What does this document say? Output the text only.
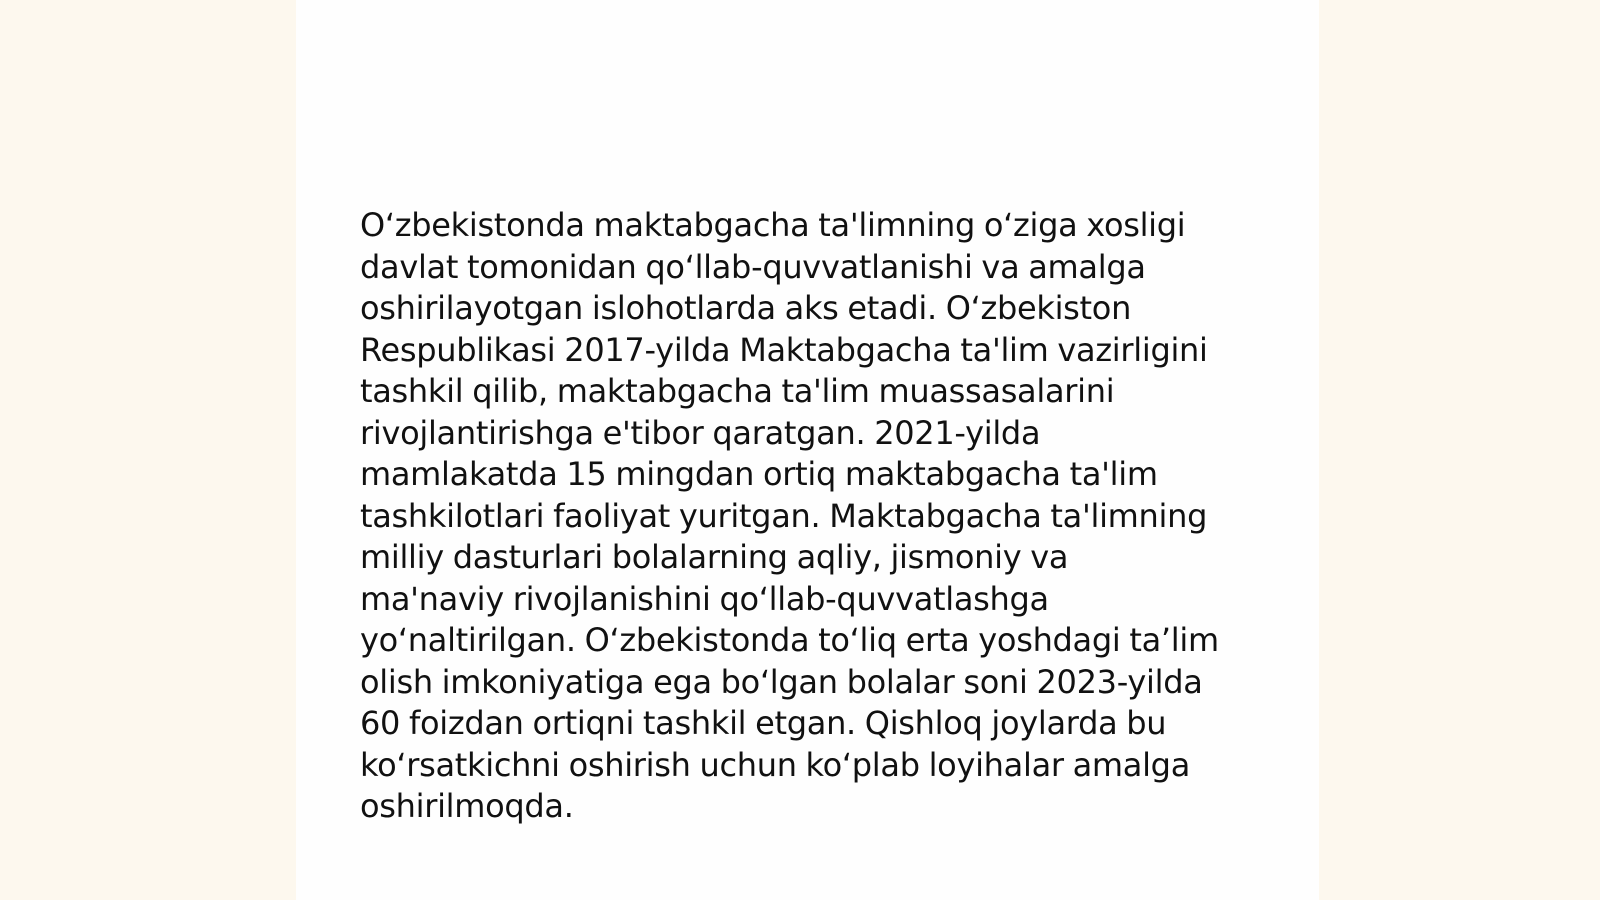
O‘zbekistonda maktabgacha ta'limning o‘ziga xosligi
davlat tomonidan qo‘llab-quvvatlanishi va amalga
oshirilayotgan islohotlarda aks etadi. O‘zbekiston
Respublikasi 2017-yilda Maktabgacha ta'lim vazirligini
tashkil qilib, maktabgacha ta'lim muassasalarini
rivojlantirishga e'tibor qaratgan. 2021-yilda
mamlakatda 15 mingdan ortiq maktabgacha ta'lim
tashkilotlari faoliyat yuritgan. Maktabgacha ta'limning
milliy dasturlari bolalarning aqliy, jismoniy va
ma'naviy rivojlanishini qo‘llab-quvvatlashga
yo‘naltirilgan. O‘zbekistonda to‘liq erta yoshdagi ta’lim
olish imkoniyatiga ega bo‘lgan bolalar soni 2023-yilda
60 foizdan ortiqni tashkil etgan. Qishloq joylarda bu
ko‘rsatkichni oshirish uchun ko‘plab loyihalar amalga
oshirilmoqda.
